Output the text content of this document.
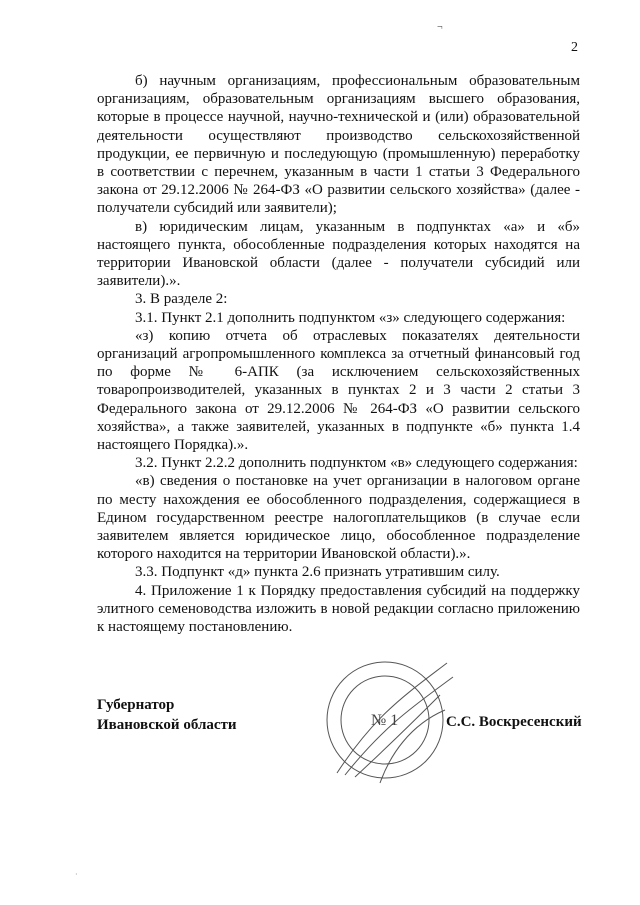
¬
2

б) научным организациям, профессиональным образовательным организациям, образовательным организациям высшего образования, которые в процессе научной, научно-технической и (или) образовательной деятельности осуществляют производство сельскохозяйственной продукции, ее первичную и последующую (промышленную) переработку в соответствии с перечнем, указанным в части 1 статьи 3 Федерального закона от 29.12.2006 № 264-ФЗ «О развитии сельского хозяйства» (далее - получатели субсидий или заявители);

в) юридическим лицам, указанным в подпунктах «а» и «б» настоящего пункта, обособленные подразделения которых находятся на территории Ивановской области (далее - получатели субсидий или заявители).».

3. В разделе 2:

3.1. Пункт 2.1 дополнить подпунктом «з» следующего содержания:

«з) копию отчета об отраслевых показателях деятельности организаций агропромышленного комплекса за отчетный финансовый год по форме № 6-АПК (за исключением сельскохозяйственных товаропроизводителей, указанных в пунктах 2 и 3 части 2 статьи 3 Федерального закона от 29.12.2006 № 264-ФЗ «О развитии сельского хозяйства», а также заявителей, указанных в подпункте «б» пункта 1.4 настоящего Порядка).».

3.2. Пункт 2.2.2 дополнить подпунктом «в» следующего содержания:

«в) сведения о постановке на учет организации в налоговом органе по месту нахождения ее обособленного подразделения, содержащиеся в Едином государственном реестре налогоплательщиков (в случае если заявителем является юридическое лицо, обособленное подразделение которого находится на территории Ивановской области).».

3.3. Подпункт «д» пункта 2.6 признать утратившим силу.

4. Приложение 1 к Порядку предоставления субсидий на поддержку элитного семеноводства изложить в новой редакции согласно приложению к настоящему постановлению.

№ 1
Губернатор
Ивановской области	С.С. Воскресенский
·
